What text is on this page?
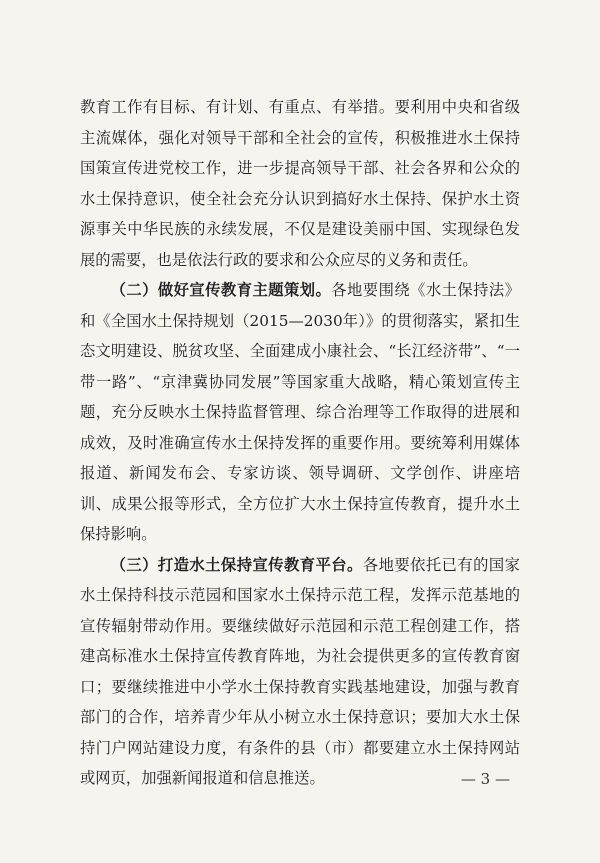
教育工作有目标、有计划、有重点、有举措。要利用中央和省级主流媒体，强化对领导干部和全社会的宣传，积极推进水土保持国策宣传进党校工作，进一步提高领导干部、社会各界和公众的水土保持意识，使全社会充分认识到搞好水土保持、保护水土资源事关中华民族的永续发展，不仅是建设美丽中国、实现绿色发展的需要，也是依法行政的要求和公众应尽的义务和责任。

（二）做好宣传教育主题策划。各地要围绕《水土保持法》和《全国水土保持规划（2015—2030年）》的贯彻落实，紧扣生态文明建设、脱贫攻坚、全面建成小康社会、“长江经济带”、“一带一路”、“京津冀协同发展”等国家重大战略，精心策划宣传主题，充分反映水土保持监督管理、综合治理等工作取得的进展和成效，及时准确宣传水土保持发挥的重要作用。要统筹利用媒体报道、新闻发布会、专家访谈、领导调研、文学创作、讲座培训、成果公报等形式，全方位扩大水土保持宣传教育，提升水土保持影响。

（三）打造水土保持宣传教育平台。各地要依托已有的国家水土保持科技示范园和国家水土保持示范工程，发挥示范基地的宣传辐射带动作用。要继续做好示范园和示范工程创建工作，搭建高标准水土保持宣传教育阵地，为社会提供更多的宣传教育窗口；要继续推进中小学水土保持教育实践基地建设，加强与教育部门的合作，培养青少年从小树立水土保持意识；要加大水土保持门户网站建设力度，有条件的县（市）都要建立水土保持网站或网页，加强新闻报道和信息推送。	— 3 —
